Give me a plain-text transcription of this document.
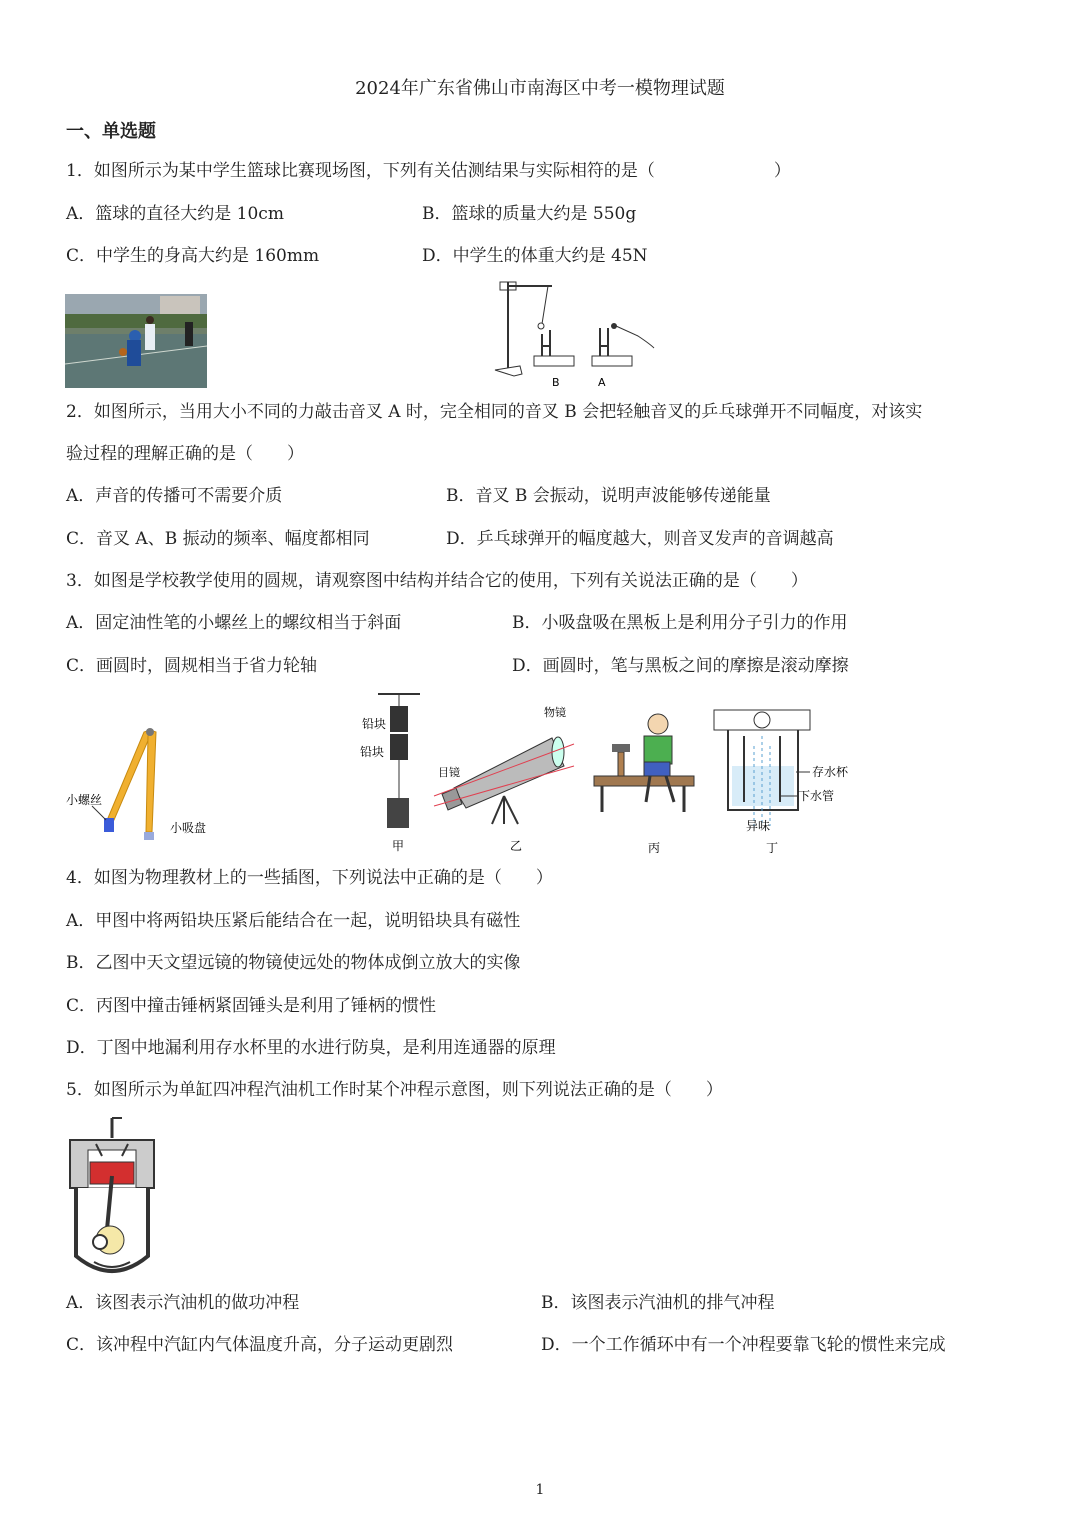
2024年广东省佛山市南海区中考一模物理试题
一、单选题
1．如图所示为某中学生篮球比赛现场图，下列有关估测结果与实际相符的是（　　　　　　　）
A．篮球的直径大约是 10cm	B．篮球的质量大约是 550g
C．中学生的身高大约是 160mm	D．中学生的体重大约是 45N
B	A
2．如图所示，当用大小不同的力敲击音叉 A 时，完全相同的音叉 B 会把轻触音叉的乒乓球弹开不同幅度，对该实
验过程的理解正确的是（　　）
A．声音的传播可不需要介质	B．音叉 B 会振动，说明声波能够传递能量
C．音叉 A、B 振动的频率、幅度都相同	D．乒乓球弹开的幅度越大，则音叉发声的音调越高
3．如图是学校教学使用的圆规，请观察图中结构并结合它的使用，下列有关说法正确的是（　　）
A．固定油性笔的小螺丝上的螺纹相当于斜面	B．小吸盘吸在黑板上是利用分子引力的作用
C．画圆时，圆规相当于省力轮轴	D．画圆时，笔与黑板之间的摩擦是滚动摩擦
小螺丝
小吸盘
铅块
铅块
甲
物镜
目镜
乙	丙
存水杯
下水管
异味
丁
4．如图为物理教材上的一些插图，下列说法中正确的是（　　）
A．甲图中将两铅块压紧后能结合在一起，说明铅块具有磁性
B．乙图中天文望远镜的物镜使远处的物体成倒立放大的实像
C．丙图中撞击锤柄紧固锤头是利用了锤柄的惯性
D．丁图中地漏利用存水杯里的水进行防臭，是利用连通器的原理
5．如图所示为单缸四冲程汽油机工作时某个冲程示意图，则下列说法正确的是（　　）
A．该图表示汽油机的做功冲程	B．该图表示汽油机的排气冲程
C．该冲程中汽缸内气体温度升高，分子运动更剧烈	D．一个工作循环中有一个冲程要靠飞轮的惯性来完成
1
